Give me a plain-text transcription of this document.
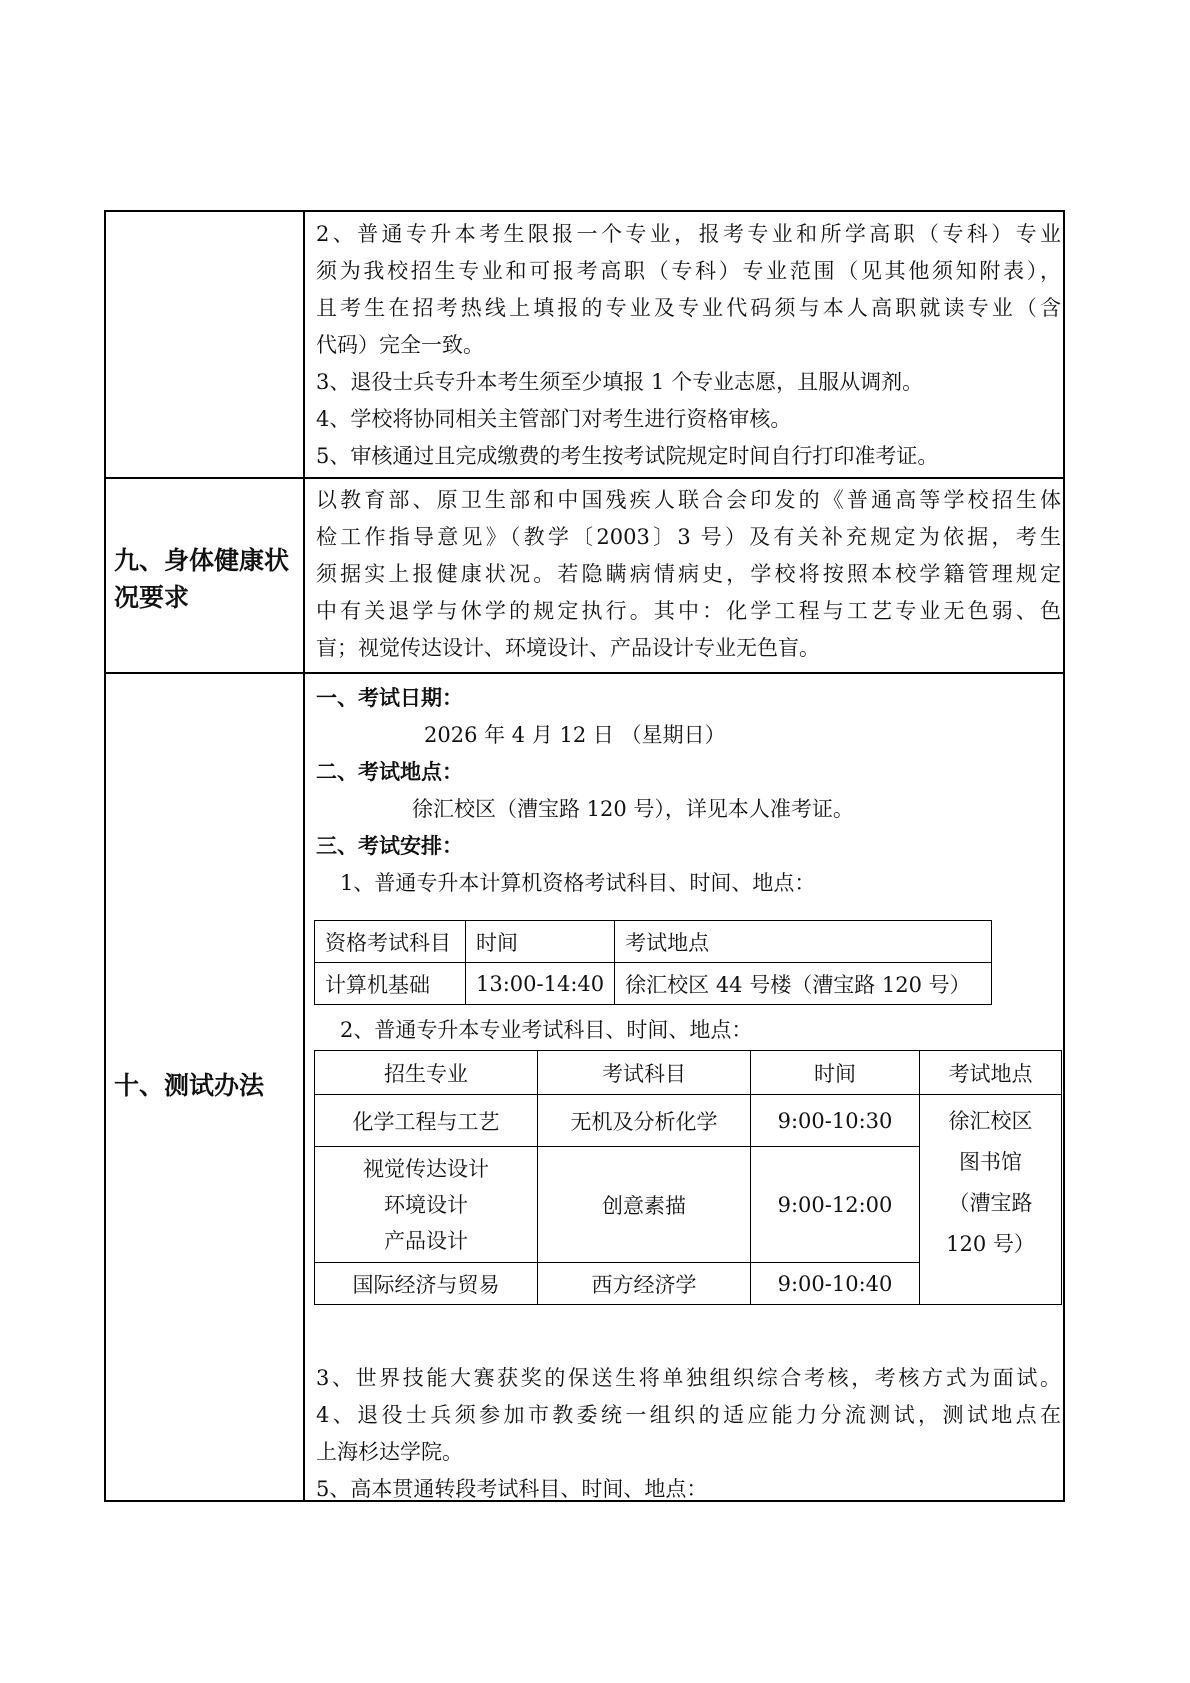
2、普通专升本考生限报一个专业，报考专业和所学高职（专科）专业

须为我校招生专业和可报考高职（专科）专业范围（见其他须知附表），

且考生在招考热线上填报的专业及专业代码须与本人高职就读专业（含

代码）完全一致。

3、退役士兵专升本考生须至少填报 1 个专业志愿，且服从调剂。

4、学校将协同相关主管部门对考生进行资格审核。

5、审核通过且完成缴费的考生按考试院规定时间自行打印准考证。

九、身体健康状
况要求

以教育部、原卫生部和中国残疾人联合会印发的《普通高等学校招生体

检工作指导意见》（教学〔2003〕3 号）及有关补充规定为依据，考生

须据实上报健康状况。若隐瞒病情病史，学校将按照本校学籍管理规定

中有关退学与休学的规定执行。其中：化学工程与工艺专业无色弱、色

盲；视觉传达设计、环境设计、产品设计专业无色盲。

十、测试办法

一、考试日期：

2026 年 4 月 12 日 （星期日）

二、考试地点：

徐汇校区（漕宝路 120 号），详见本人准考证。

三、考试安排：

1、普通专升本计算机资格考试科目、时间、地点：

资格考试科目	时间	考试地点
计算机基础	13:00-14:40	徐汇校区 44 号楼（漕宝路 120 号）

2、普通专升本专业考试科目、时间、地点：

招生专业	考试科目	时间	考试地点
化学工程与工艺	无机及分析化学	9:00-10:30	徐汇校区
图书馆
（漕宝路
120 号）

视觉传达设计
环境设计
产品设计	创意素描	9:00-12:00	
国际经济与贸易	西方经济学	9:00-10:40	

3、世界技能大赛获奖的保送生将单独组织综合考核，考核方式为面试。

4、退役士兵须参加市教委统一组织的适应能力分流测试，测试地点在

上海杉达学院。

5、高本贯通转段考试科目、时间、地点：
